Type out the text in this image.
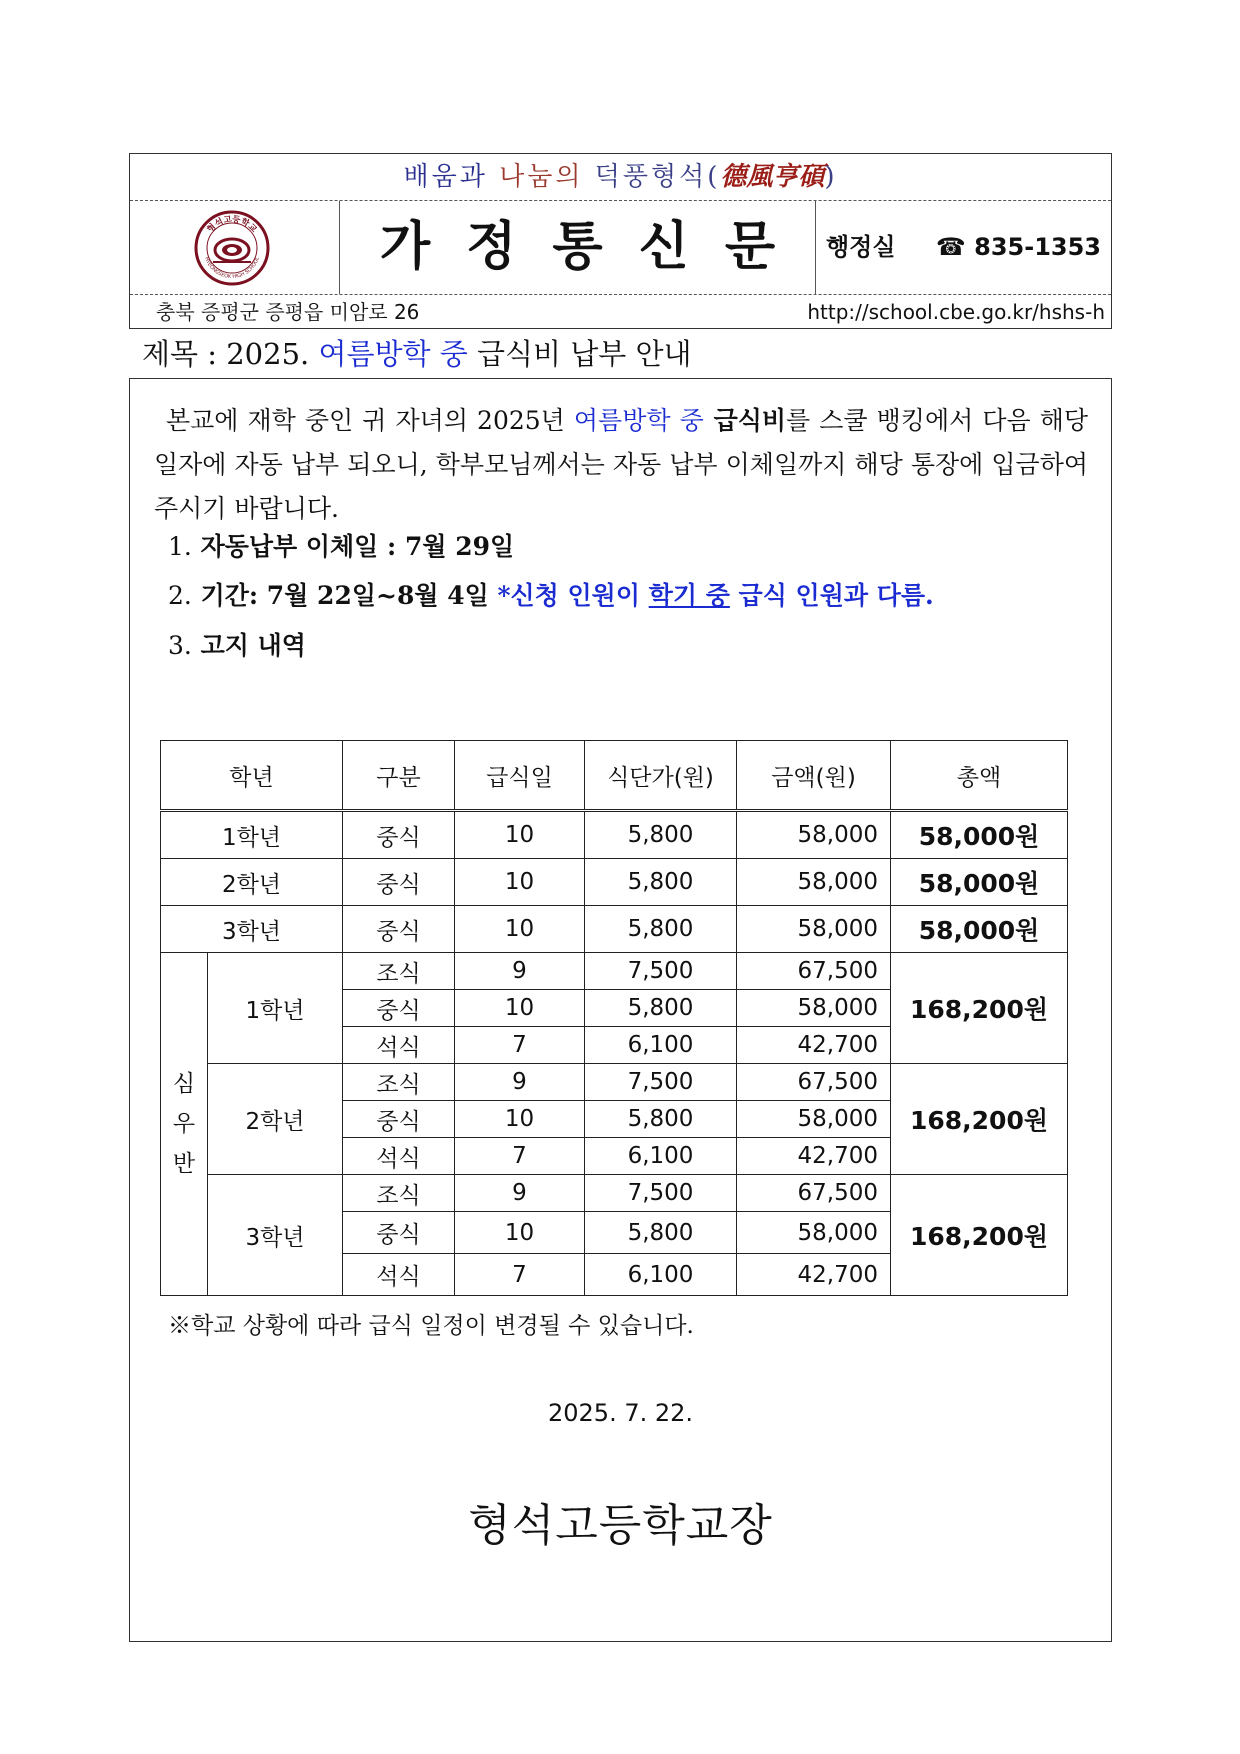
배움과 나눔의 덕풍형석(德風亨碩)
형석고등학교
HYEONGSEOK HIGH SCHOOL	가정통신문 행정실 ☎ 835-1353
충북 증평군 증평읍 미암로 26	http://school.cbe.go.kr/hshs-h
제목 : 2025. 여름방학 중 급식비 납부 안내
본교에 재학 중인 귀 자녀의 2025년 여름방학 중 급식비를 스쿨 뱅킹에서 다음 해당 일자에 자동 납부 되오니, 학부모님께서는 자동 납부 이체일까지 해당 통장에 입금하여 주시기 바랍니다.
1. 자동납부 이체일 : 7월 29일
2. 기간: 7월 22일~8월 4일 *신청 인원이 학기 중 급식 인원과 다름.
3. 고지 내역
학년		구분	급식일	식단가(원)	금액(원)	총액
1학년		중식	10	5,800	58,000	58,000원
2학년		중식	10	5,800	58,000	58,000원
3학년		중식	10	5,800	58,000	58,000원
심
우
반	1학년	조식	9	7,500	67,500	168,200원
		중식	10	5,800	58,000	
		석식	7	6,100	42,700	
	2학년	조식	9	7,500	67,500	168,200원
		중식	10	5,800	58,000	
		석식	7	6,100	42,700	
	3학년	조식	9	7,500	67,500	168,200원
		중식	10	5,800	58,000	
		석식	7	6,100	42,700	
※학교 상황에 따라 급식 일정이 변경될 수 있습니다.
2025. 7. 22.
형석고등학교장
